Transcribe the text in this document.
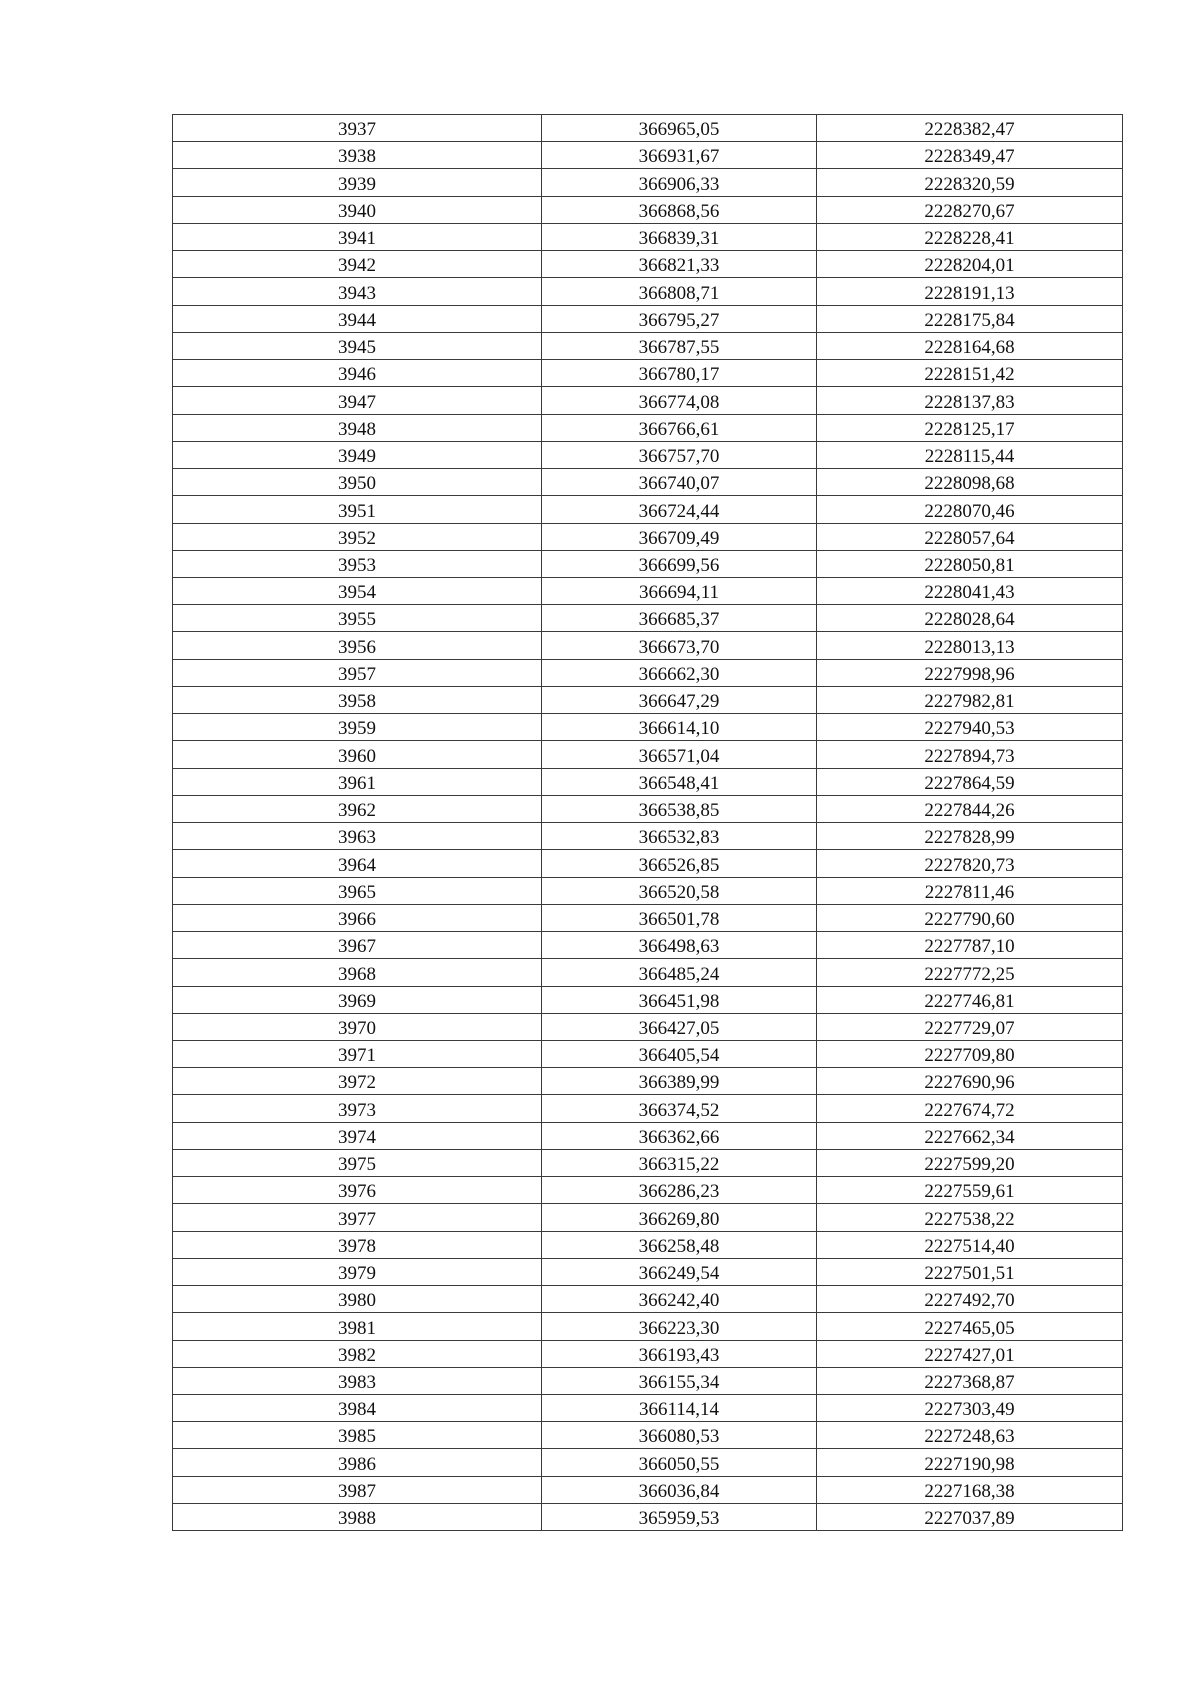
3937	366965,05	2228382,47
3938	366931,67	2228349,47
3939	366906,33	2228320,59
3940	366868,56	2228270,67
3941	366839,31	2228228,41
3942	366821,33	2228204,01
3943	366808,71	2228191,13
3944	366795,27	2228175,84
3945	366787,55	2228164,68
3946	366780,17	2228151,42
3947	366774,08	2228137,83
3948	366766,61	2228125,17
3949	366757,70	2228115,44
3950	366740,07	2228098,68
3951	366724,44	2228070,46
3952	366709,49	2228057,64
3953	366699,56	2228050,81
3954	366694,11	2228041,43
3955	366685,37	2228028,64
3956	366673,70	2228013,13
3957	366662,30	2227998,96
3958	366647,29	2227982,81
3959	366614,10	2227940,53
3960	366571,04	2227894,73
3961	366548,41	2227864,59
3962	366538,85	2227844,26
3963	366532,83	2227828,99
3964	366526,85	2227820,73
3965	366520,58	2227811,46
3966	366501,78	2227790,60
3967	366498,63	2227787,10
3968	366485,24	2227772,25
3969	366451,98	2227746,81
3970	366427,05	2227729,07
3971	366405,54	2227709,80
3972	366389,99	2227690,96
3973	366374,52	2227674,72
3974	366362,66	2227662,34
3975	366315,22	2227599,20
3976	366286,23	2227559,61
3977	366269,80	2227538,22
3978	366258,48	2227514,40
3979	366249,54	2227501,51
3980	366242,40	2227492,70
3981	366223,30	2227465,05
3982	366193,43	2227427,01
3983	366155,34	2227368,87
3984	366114,14	2227303,49
3985	366080,53	2227248,63
3986	366050,55	2227190,98
3987	366036,84	2227168,38
3988	365959,53	2227037,89
